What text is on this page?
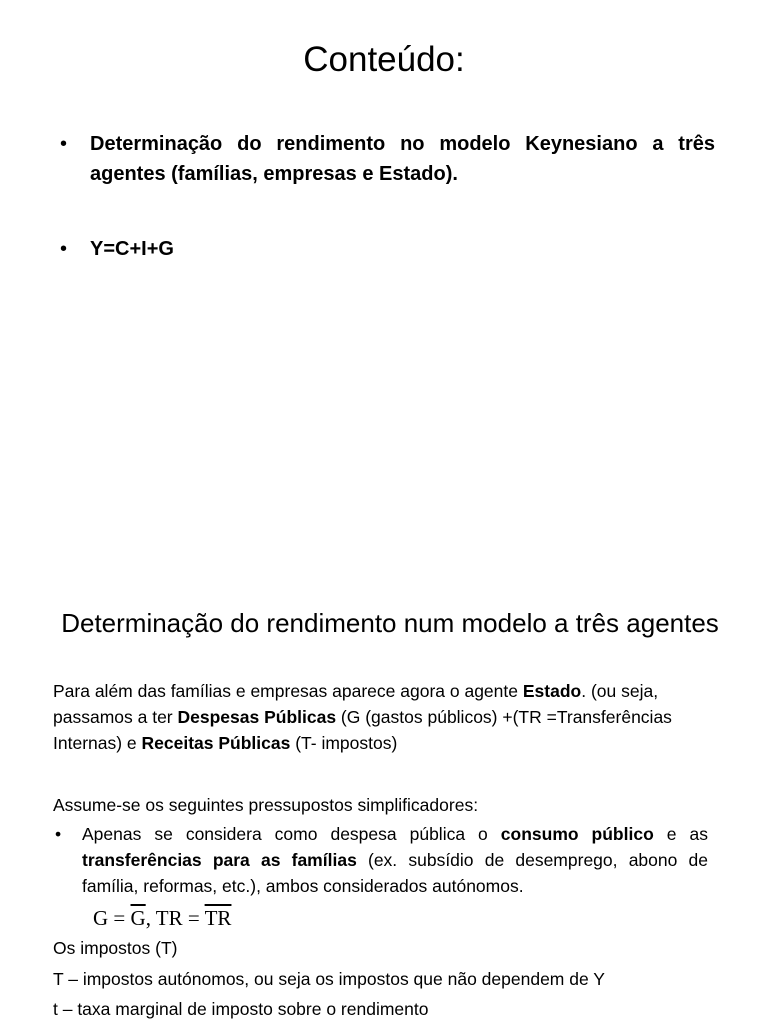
Conteúdo:
• Determinação do rendimento no modelo Keynesiano a três agentes (famílias, empresas e Estado).
• Y=C+I+G
Determinação do rendimento num modelo a três agentes
Para além das famílias e empresas aparece agora o agente Estado. (ou seja, passamos a ter Despesas Públicas (G (gastos públicos) +(TR =Transferências Internas) e Receitas Públicas (T- impostos)
Assume-se os seguintes pressupostos simplificadores:
• Apenas se considera como despesa pública o consumo público e as transferências para as famílias (ex. subsídio de desemprego, abono de família, reformas, etc.), ambos considerados autónomos.
$G = \overline{G}$, TR = $\overline{TR}$
Os impostos (T)
T – impostos autónomos, ou seja os impostos que não dependem de Y
t – taxa marginal de imposto sobre o rendimento
